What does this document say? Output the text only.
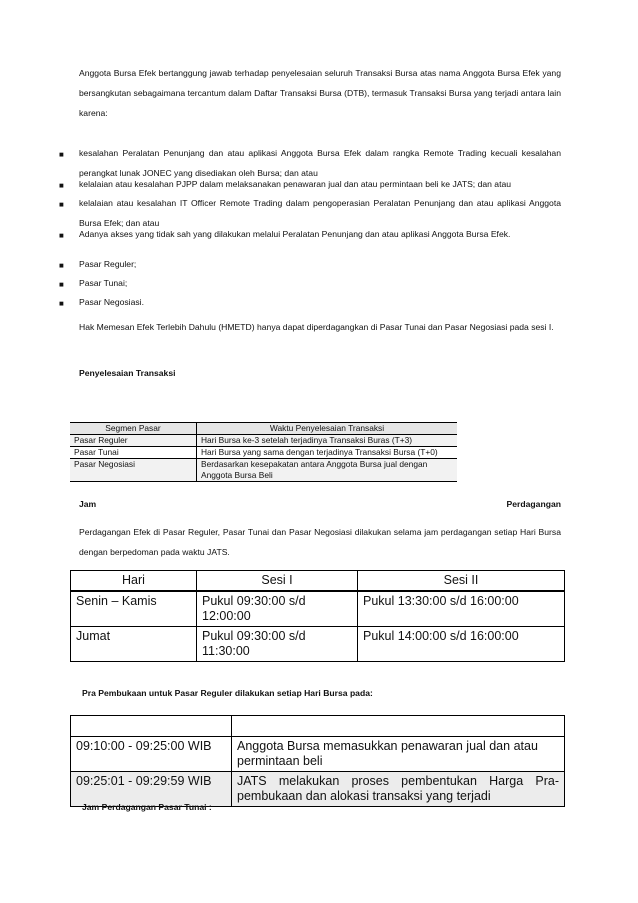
Anggota Bursa Efek bertanggung jawab terhadap penyelesaian seluruh Transaksi Bursa atas nama Anggota Bursa Efek yang bersangkutan sebagaimana tercantum dalam Daftar Transaksi Bursa (DTB), termasuk Transaksi Bursa yang terjadi antara lain karena:
■ kesalahan Peralatan Penunjang dan atau aplikasi Anggota Bursa Efek dalam rangka Remote Trading kecuali kesalahan perangkat lunak JONEC yang disediakan oleh Bursa; dan atau
■ kelalaian atau kesalahan PJPP dalam melaksanakan penawaran jual dan atau permintaan beli ke JATS; dan atau
■ kelalaian atau kesalahan IT Officer Remote Trading dalam pengoperasian Peralatan Penunjang dan atau aplikasi Anggota Bursa Efek; dan atau
■ Adanya akses yang tidak sah yang dilakukan melalui Peralatan Penunjang dan atau aplikasi Anggota Bursa Efek.
■ Pasar Reguler;
■ Pasar Tunai;
■ Pasar Negosiasi.
Hak Memesan Efek Terlebih Dahulu (HMETD) hanya dapat diperdagangkan di Pasar Tunai dan Pasar Negosiasi pada sesi I.
Penyelesaian Transaksi
Segmen Pasar	Waktu Penyelesaian Transaksi
Pasar Reguler	Hari Bursa ke-3 setelah terjadinya Transaksi Buras (T+3)
Pasar Tunai	Hari Bursa yang sama dengan terjadinya Transaksi Bursa (T+0)
Pasar Negosiasi	Berdasarkan kesepakatan antara Anggota Bursa jual dengan Anggota Bursa Beli
Jam	Perdagangan
Perdagangan Efek di Pasar Reguler, Pasar Tunai dan Pasar Negosiasi dilakukan selama jam perdagangan setiap Hari Bursa dengan berpedoman pada waktu JATS.
Hari	Sesi I	Sesi II
Senin – Kamis	Pukul 09:30:00 s/d 12:00:00	Pukul 13:30:00 s/d 16:00:00
Jumat	Pukul 09:30:00 s/d 11:30:00	Pukul 14:00:00 s/d 16:00:00
Pra Pembukaan untuk Pasar Reguler dilakukan setiap Hari Bursa pada:

09:10:00 - 09:25:00 WIB	Anggota Bursa memasukkan penawaran jual dan atau permintaan beli
09:25:01 - 09:29:59 WIB	JATS melakukan proses pembentukan Harga Pra-pembukaan dan alokasi transaksi yang terjadi
Jam Perdagangan Pasar Tunai :
